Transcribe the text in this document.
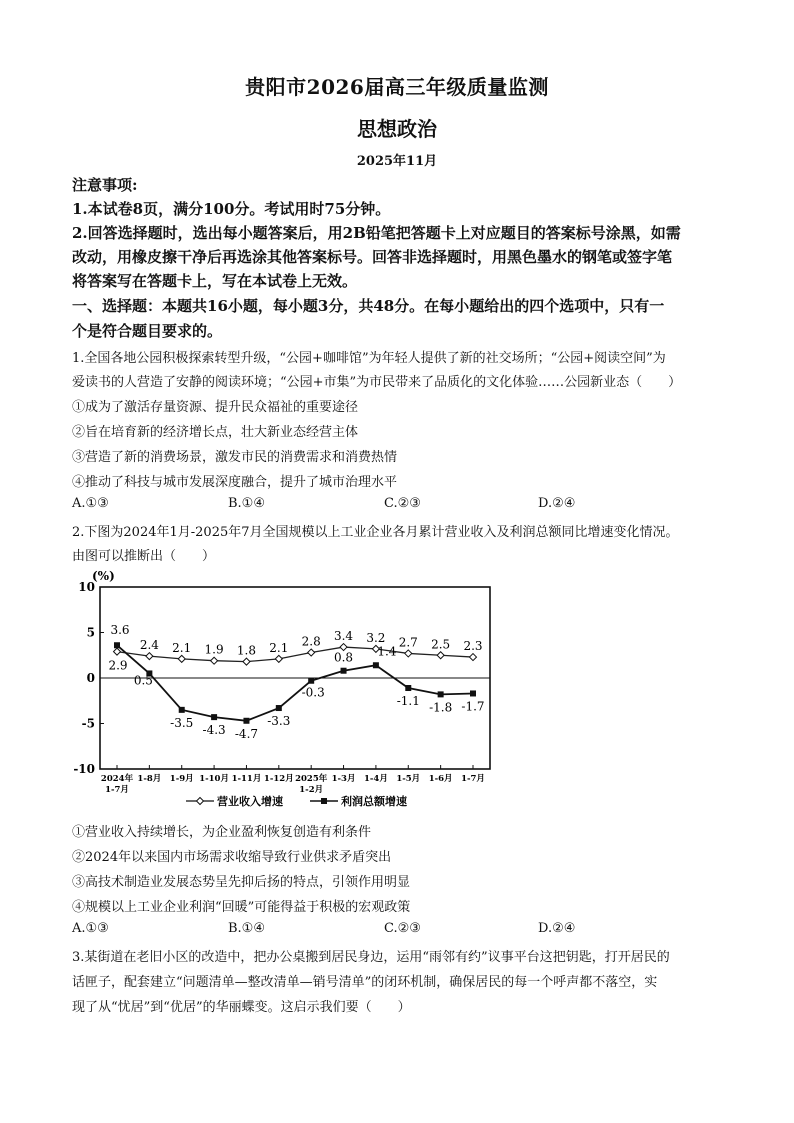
贵阳市2026届高三年级质量监测
思想政治
2025年11月
注意事项:
1.本试卷8页，满分100分。考试用时75分钟。
2.回答选择题时，选出每小题答案后，用2B铅笔把答题卡上对应题目的答案标号涂黑，如需
改动，用橡皮擦干净后再选涂其他答案标号。回答非选择题时，用黑色墨水的钢笔或签字笔
将答案写在答题卡上，写在本试卷上无效。
一、选择题：本题共16小题，每小题3分，共48分。在每小题给出的四个选项中，只有一
个是符合题目要求的。
1.全国各地公园积极探索转型升级，“公园+咖啡馆”为年轻人提供了新的社交场所；“公园+阅读空间”为
爱读书的人营造了安静的阅读环境；“公园+市集”为市民带来了品质化的文化体验……公园新业态（　　）
①成为了激活存量资源、提升民众福祉的重要途径
②旨在培育新的经济增长点，壮大新业态经营主体
③营造了新的消费场景，激发市民的消费需求和消费热情
④推动了科技与城市发展深度融合，提升了城市治理水平
A.①③	B.①④	C.②③	D.②④
2.下图为2024年1月-2025年7月全国规模以上工业企业各月累计营业收入及利润总额同比增速变化情况。
由图可以推断出（　　）
(%)
10
5
0
-5
-10
2024年
1-7月
1-8月 1-9月 1-10月 1-11月 1-12月 2025年
1-2月
1-3月 1-4月 1-5月 1-6月 1-7月
2.9
2.4 2.1 1.9 1.8 2.1 2.8 3.4 3.2 2.7 2.5 2.3
3.6
0.5
-3.5
-4.3 -4.7
-3.3
-0.3
0.8 1.4
-1.1 -1.8 -1.7
营业收入增速	利润总额增速
①营业收入持续增长，为企业盈利恢复创造有利条件
②2024年以来国内市场需求收缩导致行业供求矛盾突出
③高技术制造业发展态势呈先抑后扬的特点，引领作用明显
④规模以上工业企业利润“回暖”可能得益于积极的宏观政策
A.①③	B.①④	C.②③	D.②④
3.某街道在老旧小区的改造中，把办公桌搬到居民身边，运用“雨邻有约”议事平台这把钥匙，打开居民的
话匣子，配套建立“问题清单—整改清单—销号清单”的闭环机制，确保居民的每一个呼声都不落空，实
现了从“忧居”到“优居”的华丽蝶变。这启示我们要（　　）
